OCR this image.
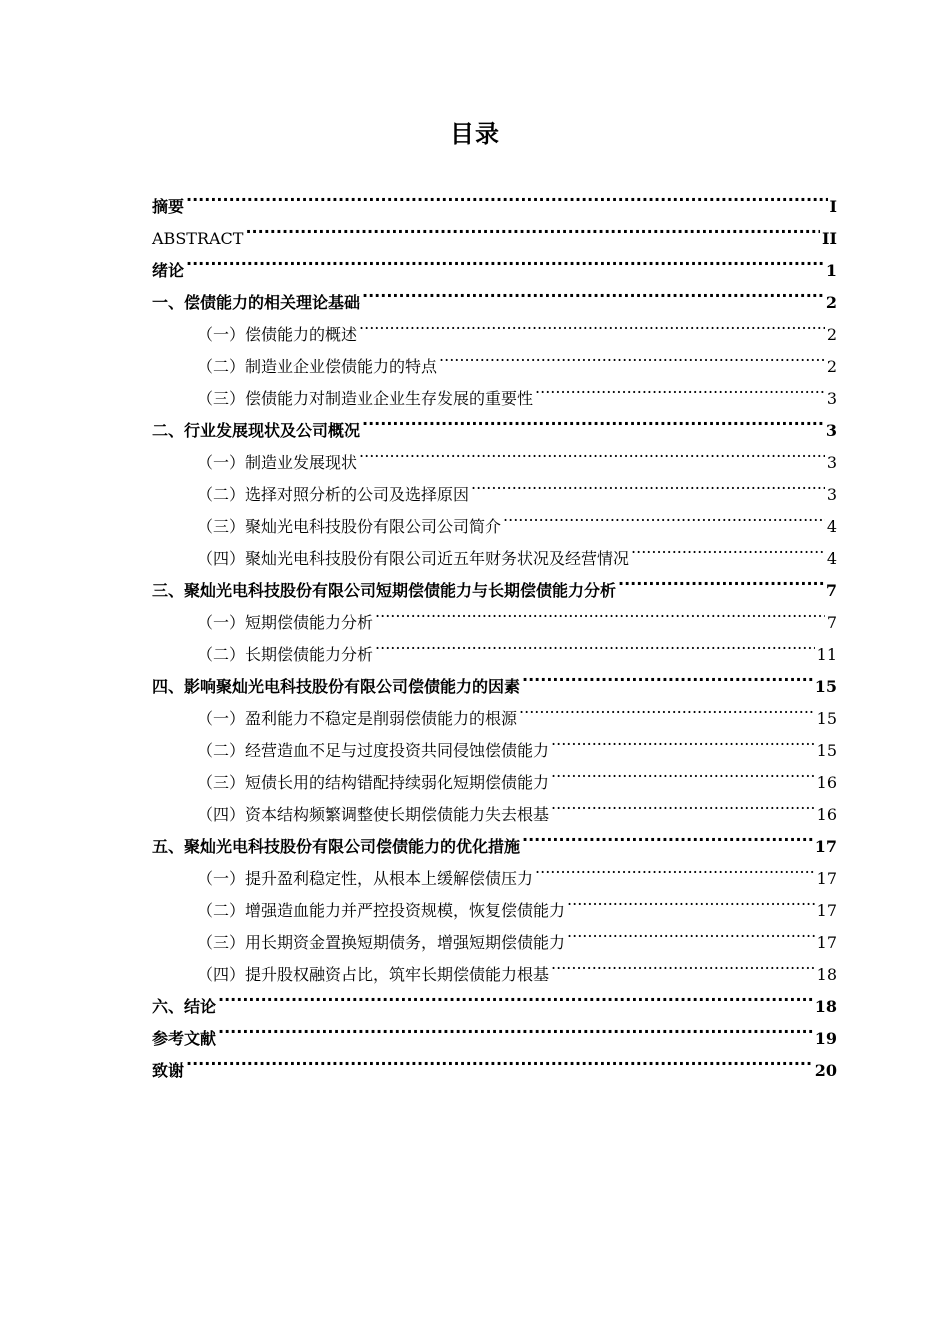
目录
摘要 .....	I
ABSTRACT .....	II
绪论 .....	1
一、偿债能力的相关理论基础 .....	2
（一）偿债能力的概述 .....	2
（二）制造业企业偿债能力的特点 .....	2
（三）偿债能力对制造业企业生存发展的重要性 .....	3
二、行业发展现状及公司概况 .....	3
（一）制造业发展现状 .....	3
（二）选择对照分析的公司及选择原因 .....	3
（三）聚灿光电科技股份有限公司公司简介 .....	4
（四）聚灿光电科技股份有限公司近五年财务状况及经营情况 .....	4
三、聚灿光电科技股份有限公司短期偿债能力与长期偿债能力分析 .....	7
（一）短期偿债能力分析 .....	7
（二）长期偿债能力分析 .....	11
四、影响聚灿光电科技股份有限公司偿债能力的因素 .....	15
（一）盈利能力不稳定是削弱偿债能力的根源 .....	15
（二）经营造血不足与过度投资共同侵蚀偿债能力 .....	15
（三）短债长用的结构错配持续弱化短期偿债能力 .....	16
（四）资本结构频繁调整使长期偿债能力失去根基 .....	16
五、聚灿光电科技股份有限公司偿债能力的优化措施 .....	17
（一）提升盈利稳定性，从根本上缓解偿债压力 .....	17
（二）增强造血能力并严控投资规模，恢复偿债能力 .....	17
（三）用长期资金置换短期债务，增强短期偿债能力 .....	17
（四）提升股权融资占比，筑牢长期偿债能力根基 .....	18
六、结论 .....	18
参考文献 .....	19
致谢 .....	20
